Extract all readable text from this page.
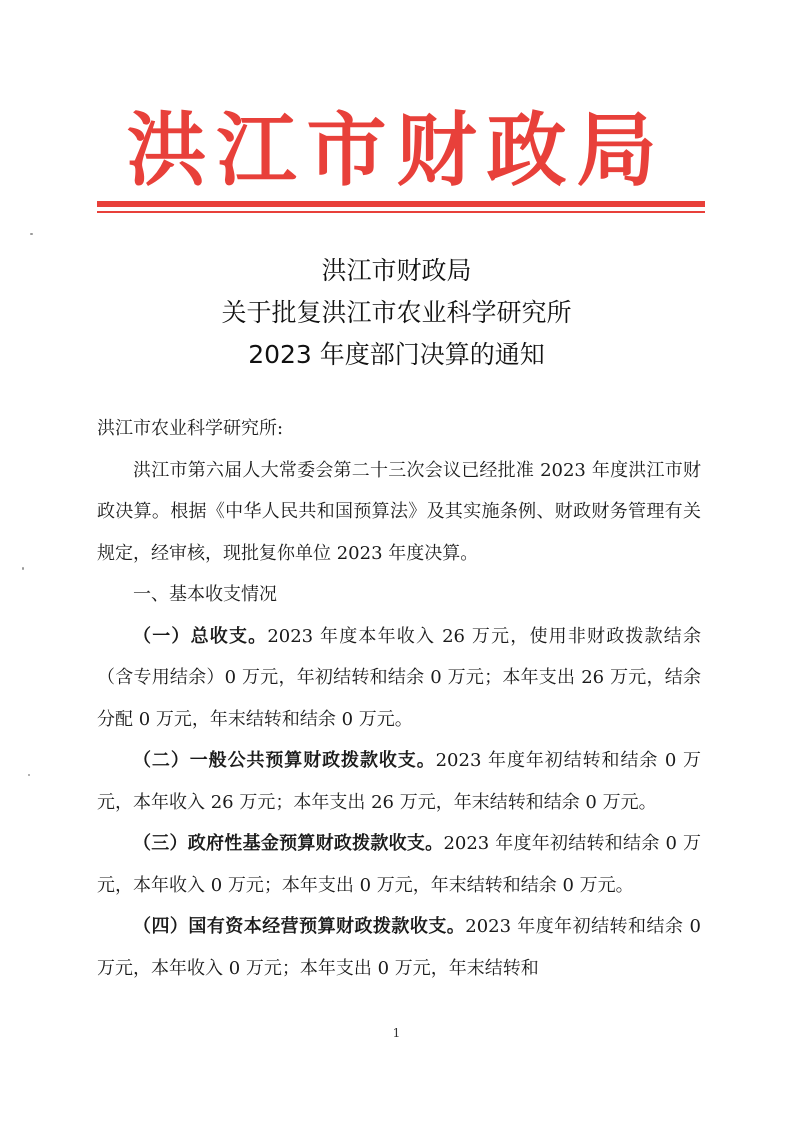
洪江市财政局
洪江市财政局
关于批复洪江市农业科学研究所
2023 年度部门决算的通知

洪江市农业科学研究所:

洪江市第六届人大常委会第二十三次会议已经批准 2023 年度洪江市财政决算。根据《中华人民共和国预算法》及其实施条例、财政财务管理有关规定，经审核，现批复你单位 2023 年度决算。

一、基本收支情况

（一）总收支。2023 年度本年收入 26 万元，使用非财政拨款结余（含专用结余）0 万元，年初结转和结余 0 万元；本年支出 26 万元，结余分配 0 万元，年末结转和结余 0 万元。

（二）一般公共预算财政拨款收支。2023 年度年初结转和结余 0 万元，本年收入 26 万元；本年支出 26 万元，年末结转和结余 0 万元。

（三）政府性基金预算财政拨款收支。2023 年度年初结转和结余 0 万元，本年收入 0 万元；本年支出 0 万元，年末结转和结余 0 万元。

（四）国有资本经营预算财政拨款收支。2023 年度年初结转和结余 0 万元，本年收入 0 万元；本年支出 0 万元，年末结转和

1
